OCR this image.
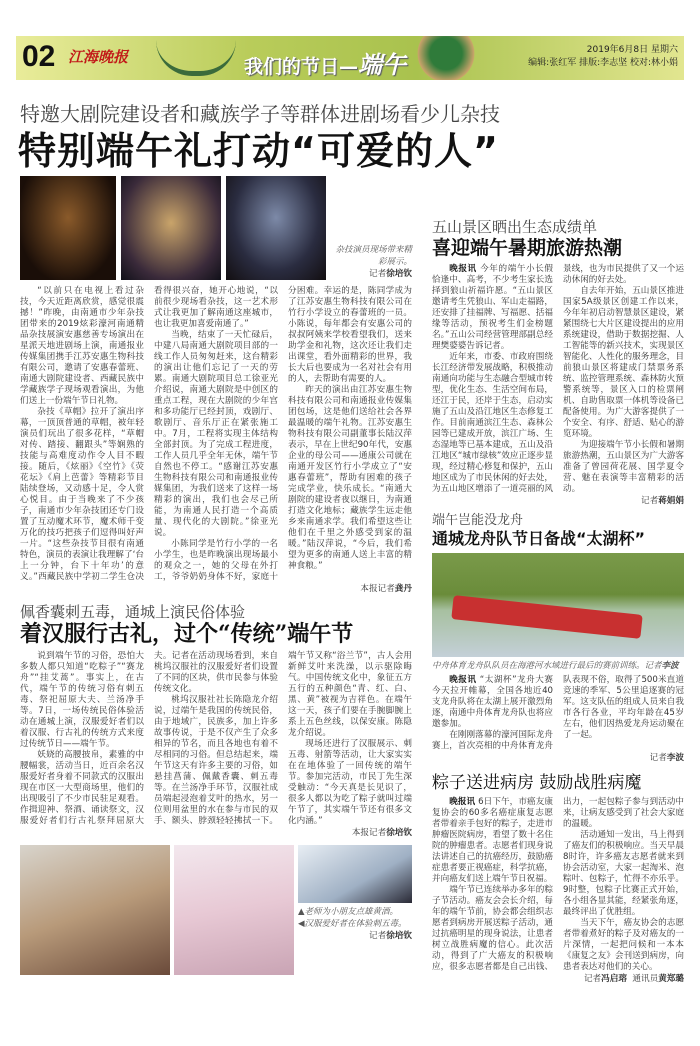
02 江海晚报	我们的节日—端午	2019年6月8日 星期六
编辑:张红军 排版:李志坚 校对:林小娟
特邀大剧院建设者和藏族学子等群体进剧场看少儿杂技
特别端午礼打动“可爱的人”
杂技演员现场带来精彩展示。
记者徐培钦

“以前只在电视上看过杂技，今天近距离欣赏，感觉很震撼！”昨晚，由南通市少年杂技团带来的2019炫彩濠河南通精品杂技展演安惠慈善专场演出在星派天地进剧场上演，南通报业传媒集团携手江苏安惠生物科技有限公司，邀请了安惠春蕾班、南通大剧院建设者、西藏民族中学藏族学子现场观看演出，为他们送上一份端午节日礼物。

杂技《草帽》拉开了演出序幕，一顶顶普通的草帽，被年轻演员们玩出了很多花样，“草帽对传、踏接、翻跟头”等娴熟的技能与高难度动作令人目不暇接。随后，《炫丽》《空竹》《荧花坛》《肩上芭蕾》等精彩节目陆续登场，又动感十足，令人赏心悦目。由于当晚来了不少孩子，南通市少年杂技团还专门设置了互动魔术环节，魔术师千变万化的技巧把孩子们逗得叫好声一片。“这些杂技节目很有南通特色，演员的表演让我理解了‘台上一分钟，台下十年功’的意义。”西藏民族中学初二学生仓决看得很兴奋，她开心地说，“以前很少现场看杂技，这一艺术形式让我更加了解南通这座城市，也让我更加喜爱南通了。”

当晚，结束了一天忙碌后，中建八局南通大剧院项目部的一线工作人员匆匆赶来，这台精彩的演出让他们忘记了一天的劳累。南通大剧院项目总工徐亚光介绍说，南通大剧院是中创区的重点工程，现在大剧院的少年宫和多功能厅已经封顶，戏剧厅、歌剧厅、音乐厅正在紧张施工中。7月，工程将实现主体结构全部封顶。为了完成工程进度，工作人员几乎全年无休，端午节自然也不停工。“感谢江苏安惠生物科技有限公司和南通报业传媒集团，为我们送来了这样一场精彩的演出，我们也会尽己所能，为南通人民打造一个高质量、现代化的大剧院。”徐亚光说。

小陈同学是竹行小学的一名小学生，也是昨晚演出现场最小的观众之一，她的父母在外打工，爷爷奶奶身体不好，家庭十分困难。幸运的是，陈同学成为了江苏安惠生物科技有限公司在竹行小学设立的春蕾班的一员。小陈说，每年都会有安惠公司的叔叔阿姨来学校看望我们，送来助学金和礼物，这次还让我们走出课堂，看外面精彩的世界，我长大后也要成为一名对社会有用的人，去帮助有需要的人。

昨天的演出由江苏安惠生物科技有限公司和南通报业传媒集团包场，这是他们送给社会各界最温暖的端午礼物。江苏安惠生物科技有限公司副董事长陆汉萍表示，早在上世纪90年代，安惠企业的母公司——通康公司就在南通开发区竹行小学成立了“安惠春蕾班”，帮助有困难的孩子完成学业，快乐成长。“南通大剧院的建设者夜以继日，为南通打造文化地标；藏族学生远走他乡来南通求学。我们希望这些让他们在千里之外感受到家的温暖。”陆汉萍说，“今后，我们希望为更多的南通人送上丰富的精神食粮。”

本报记者龚丹
佩香囊刺五毒，通城上演民俗体验
着汉服行古礼，过个“传统”端午节

说到端午节的习俗，恐怕大多数人都只知道“吃粽子”“赛龙舟”“挂艾蒿”。事实上，在古代，端午节的传统习俗有刺五毒、祭祀屈原大夫、兰汤净手等。7日，一场传统民俗体验活动在通城上演，汉服爱好者们以着汉服、行古礼的传统方式来度过传统节日——端午节。

妖娆的高腰披帛，素雅的中腰幅裳，活动当日，近百余名汉服爱好者身着不同款式的汉服出现在市区一大型商场里，他们的出现吸引了不少市民驻足观看。作揖迎神、祭酒、诵读祭文，汉服爱好者们行古礼祭拜屈原大夫。记者在活动现场看到，来自桃坞汉服社的汉服爱好者们设置了不同的区块，供市民参与体验传统文化。

桃坞汉服社社长陈隐龙介绍说，过端午是我国的传统民俗，由于地域广，民族多，加上许多故事传说，于是不仅产生了众多相异的节名，而且各地也有着不尽相同的习俗。但总结起来，端午节这天有许多主要的习俗，如悬挂菖蒲、佩戴香囊、刺五毒等。在兰汤净手环节，汉服社成员端起浸泡着艾叶的热水，另一位则用盆里的水在参与市民的双手、额头、脖颈轻轻拂拭一下。端午节又称“浴兰节”，古人会用新鲜艾叶来洗澡，以示驱除晦气。中国传统文化中，象征五方五行的五种颜色“青、红、白、黑、黄”被视为吉祥色。在端午这一天，孩子们要在手腕脚腕上系上五色丝线，以保安康。陈隐龙介绍说。

现场还进行了汉服展示、刺五毒、射箭等活动，让大家实实在在地体验了一回传统的端午节。参加完活动，市民丁先生深受触动：“今天真是长见识了，很多人都以为吃了粽子就叫过端午节了，其实端午节还有很多文化内涵。”

本报记者徐培钦
▲老师为小朋友点雄黄酒。
◀汉服爱好者在体验刺五毒。
记者徐培钦
五山景区晒出生态成绩单
喜迎端午暑期旅游热潮

晚报讯 今年的端午小长假恰逢中、高考，不少考生家长选择到狼山祈福许愿。“五山景区邀请考生凭狼山、军山走福路，还安排了挂福牌、写福愿、括福缘等活动，预祝考生们金榜题名。”五山公司经营管理部副总经理樊婆婆告诉记者。

近年来，市委、市政府围绕长江经济带发展战略，积极推动南通向功能与生态融合型城市转型，优化生态、生活空间布局，还江于民，还岸于生态，启动实施了五山及沿江地区生态修复工作。目前南通滨江生态、森林公园等已建成开放，滨江广场、生态湿地等已基本建成，五山及沿江地区“城市绿核”效应正逐步显现，经过精心修复和保护，五山地区成为了市民休闲的好去处，为五山地区增添了一道亮丽的风景线，也为市民提供了又一个运动休闲的好去处。

自去年开始，五山景区推进国家5A级景区创建工作以来，今年年初启动智慧景区建设，紧紧围绕七大片区建设提出的应用系统建设，借助于数据挖掘、人工智能等的新兴技术，实现景区智能化、人性化的服务理念，目前狼山景区将建成门禁票务系统、监控管理系统、森林防火预警系统等，景区入口的检票闸机、自助售取票一体机等设备已配备使用。为广大游客提供了一个安全、有序、舒适、贴心的游览环境。

为迎接端午节小长假和暑期旅游热潮，五山景区为广大游客准备了曾园荷花展、国学夏令营、魅在表演等丰富精彩的活动。

记者蒋娟娟
端午岂能没龙舟
通城龙舟队节日备战“太湖杯”
中舟体育龙舟队队员在海港河水域进行最后的赛前训练。记者李波

晚报讯 “太湖杯”龙舟大赛今天拉开帷幕，全国各地近40支龙舟队将在太湖上展开激烈角逐，南通中舟体育龙舟队也将应邀参加。

在刚刚落幕的濠河国际龙舟赛上，首次亮相的中舟体育龙舟队表现不俗，取得了500米直道竞速的季军、5公里追逐赛的冠军。这支队伍的组成人员来自我市各行各业，平均年龄在45岁左右，他们因热爱龙舟运动聚在了一起。

记者李波
粽子送进病房 鼓励战胜病魔

晚报讯 6日下午，市癌友康复协会的60多名癌症康复志愿者带着亲手包好的粽子，走进市肿瘤医院病房，看望了数十名住院的肿瘤患者。志愿者们现身说法讲述自己的抗癌经历，鼓励癌症患者要正视癌症，科学抗癌，并向癌友们送上端午节日祝福。

端午节已连续举办多年的粽子节活动。癌友会会长介绍，每年的端午节前，协会都会组织志愿者到病房开展送粽子活动，通过抗癌明星的现身说法，让患者树立战胜病魔的信心。此次活动，得到了广大癌友的积极响应，很多志愿者都是自己出钱、出力，一起包粽子参与到活动中来，让病友感受到了社会大家庭的温暖。

活动通知一发出，马上得到了癌友们的积极响应。当天早晨8时许，许多癌友志愿者就来到协会活动室，大家一起淘米、泡粽叶、包粽子，忙得不亦乐乎。9时整，包粽子比赛正式开始，各小组各显其能，经紧张角逐，最终评出了优胜组。

当天下午，癌友协会的志愿者带着煮好的粽子及对癌友的一片深情，一起把问候和一本本《康复之友》会刊送到病房，向患者表达对他们的关心。

记者冯启瑢 通讯员黄郑璐
